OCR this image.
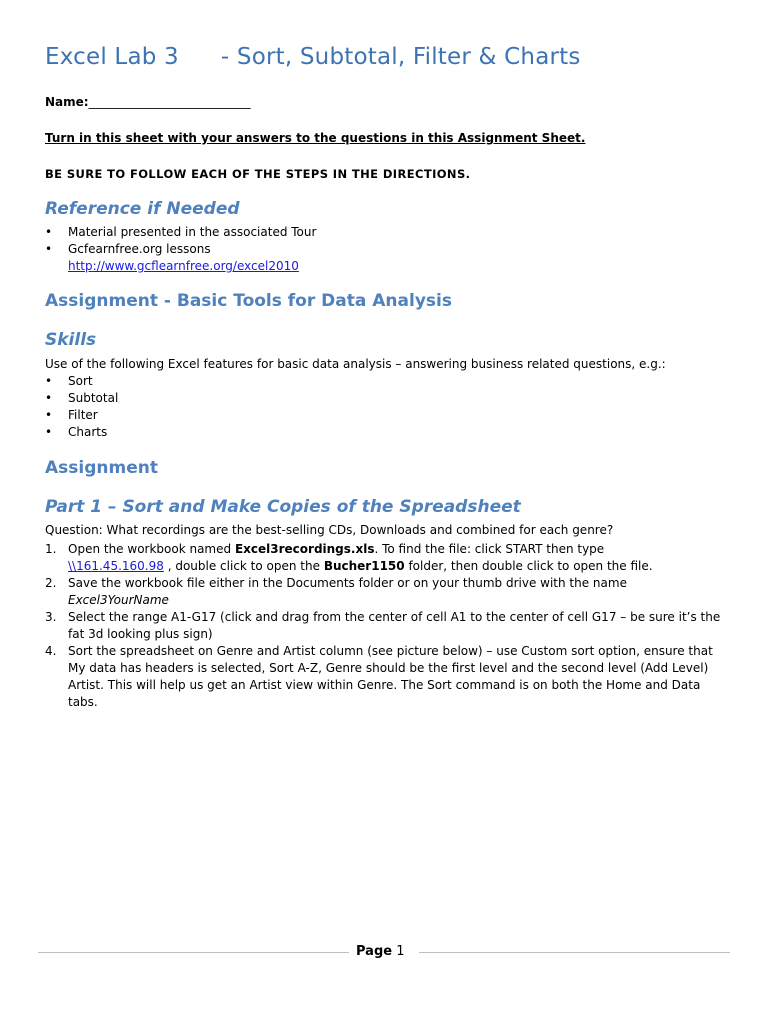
Excel Lab 3 - Sort, Subtotal, Filter & Charts
Name:___________________________
Turn in this sheet with your answers to the questions in this Assignment Sheet.
BE SURE TO FOLLOW EACH OF THE STEPS IN THE DIRECTIONS.
Reference if Needed
• Material presented in the associated Tour
• Gcfearnfree.org lessons
http://www.gcflearnfree.org/excel2010
Assignment - Basic Tools for Data Analysis
Skills
Use of the following Excel features for basic data analysis – answering business related questions, e.g.:
• Sort
• Subtotal
• Filter
• Charts
Assignment
Part 1 – Sort and Make Copies of the Spreadsheet
Question: What recordings are the best-selling CDs, Downloads and combined for each genre?
1. Open the workbook named Excel3recordings.xls. To find the file: click START then type
\\161.45.160.98 , double click to open the Bucher1150 folder, then double click to open the file.
2. Save the workbook file either in the Documents folder or on your thumb drive with the name
Excel3YourName
3. Select the range A1-G17 (click and drag from the center of cell A1 to the center of cell G17 – be sure it’s the fat 3d looking plus sign)
4. Sort the spreadsheet on Genre and Artist column (see picture below) – use Custom sort option, ensure that My data has headers is selected, Sort A-Z, Genre should be the first level and the second level (Add Level) Artist. This will help us get an Artist view within Genre. The Sort command is on both the Home and Data tabs.
Page 1
